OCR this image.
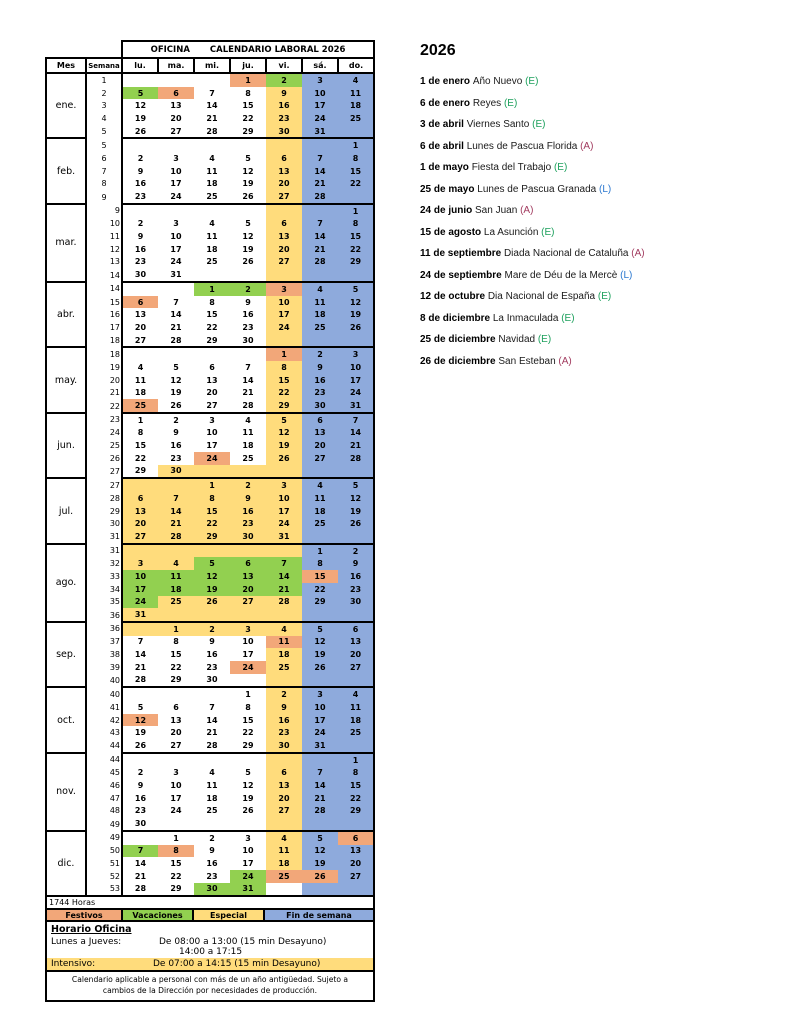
		OFICINA CALENDARIO LABORAL 2026						

Mes	Semana	lu.	ma.	mi.	ju.	vi.	sá.	do.
ene.	1				1	2	3	4
	2	5	6	7	8	9	10	11
	3	12	13	14	15	16	17	18
	4	19	20	21	22	23	24	25
	5	26	27	28	29	30	31	
feb.	5							1
	6	2	3	4	5	6	7	8
	7	9	10	11	12	13	14	15
	8	16	17	18	19	20	21	22
	9	23	24	25	26	27	28	
mar.	9							1
	10	2	3	4	5	6	7	8
	11	9	10	11	12	13	14	15
	12	16	17	18	19	20	21	22
	13	23	24	25	26	27	28	29
	14	30	31					
abr.	14			1	2	3	4	5
	15	6	7	8	9	10	11	12
	16	13	14	15	16	17	18	19
	17	20	21	22	23	24	25	26
	18	27	28	29	30			
may.	18					1	2	3
	19	4	5	6	7	8	9	10
	20	11	12	13	14	15	16	17
	21	18	19	20	21	22	23	24
	22	25	26	27	28	29	30	31
jun.	23	1	2	3	4	5	6	7
	24	8	9	10	11	12	13	14
	25	15	16	17	18	19	20	21
	26	22	23	24	25	26	27	28
	27	29	30					
jul.	27			1	2	3	4	5
	28	6	7	8	9	10	11	12
	29	13	14	15	16	17	18	19
	30	20	21	22	23	24	25	26
	31	27	28	29	30	31		
ago.	31						1	2
	32	3	4	5	6	7	8	9
	33	10	11	12	13	14	15	16
	34	17	18	19	20	21	22	23
	35	24	25	26	27	28	29	30
	36	31						
sep.	36		1	2	3	4	5	6
	37	7	8	9	10	11	12	13
	38	14	15	16	17	18	19	20
	39	21	22	23	24	25	26	27
	40	28	29	30				
oct.	40				1	2	3	4
	41	5	6	7	8	9	10	11
	42	12	13	14	15	16	17	18
	43	19	20	21	22	23	24	25
	44	26	27	28	29	30	31	
nov.	44							1
	45	2	3	4	5	6	7	8
	46	9	10	11	12	13	14	15
	47	16	17	18	19	20	21	22
	48	23	24	25	26	27	28	29
	49	30						
dic.	49		1	2	3	4	5	6
	50	7	8	9	10	11	12	13
	51	14	15	16	17	18	19	20
	52	21	22	23	24	25	26	27
	53	28	29	30	31			
1744 Horas
Festivos	Vacaciones	Especial	Fin de semana
Horario Oficina
Lunes a Jueves:	De 08:00 a 13:00 (15 min Desayuno)
14:00 a 17:15
Intensivo:	De 07:00 a 14:15 (15 min Desayuno)
Calendario aplicable a personal con más de un año antigüedad. Sujeto a cambios de la Dirección por necesidades de producción.
2026
1 de enero Año Nuevo (E)
6 de enero Reyes (E)
3 de abril Viernes Santo (E)
6 de abril Lunes de Pascua Florida (A)
1 de mayo Fiesta del Trabajo (E)
25 de mayo Lunes de Pascua Granada (L)
24 de junio San Juan (A)
15 de agosto La Asunción (E)
11 de septiembre Diada Nacional de Cataluña (A)
24 de septiembre Mare de Déu de la Mercè (L)
12 de octubre Dia Nacional de España (E)
8 de diciembre La Inmaculada (E)
25 de diciembre Navidad (E)
26 de diciembre San Esteban (A)
